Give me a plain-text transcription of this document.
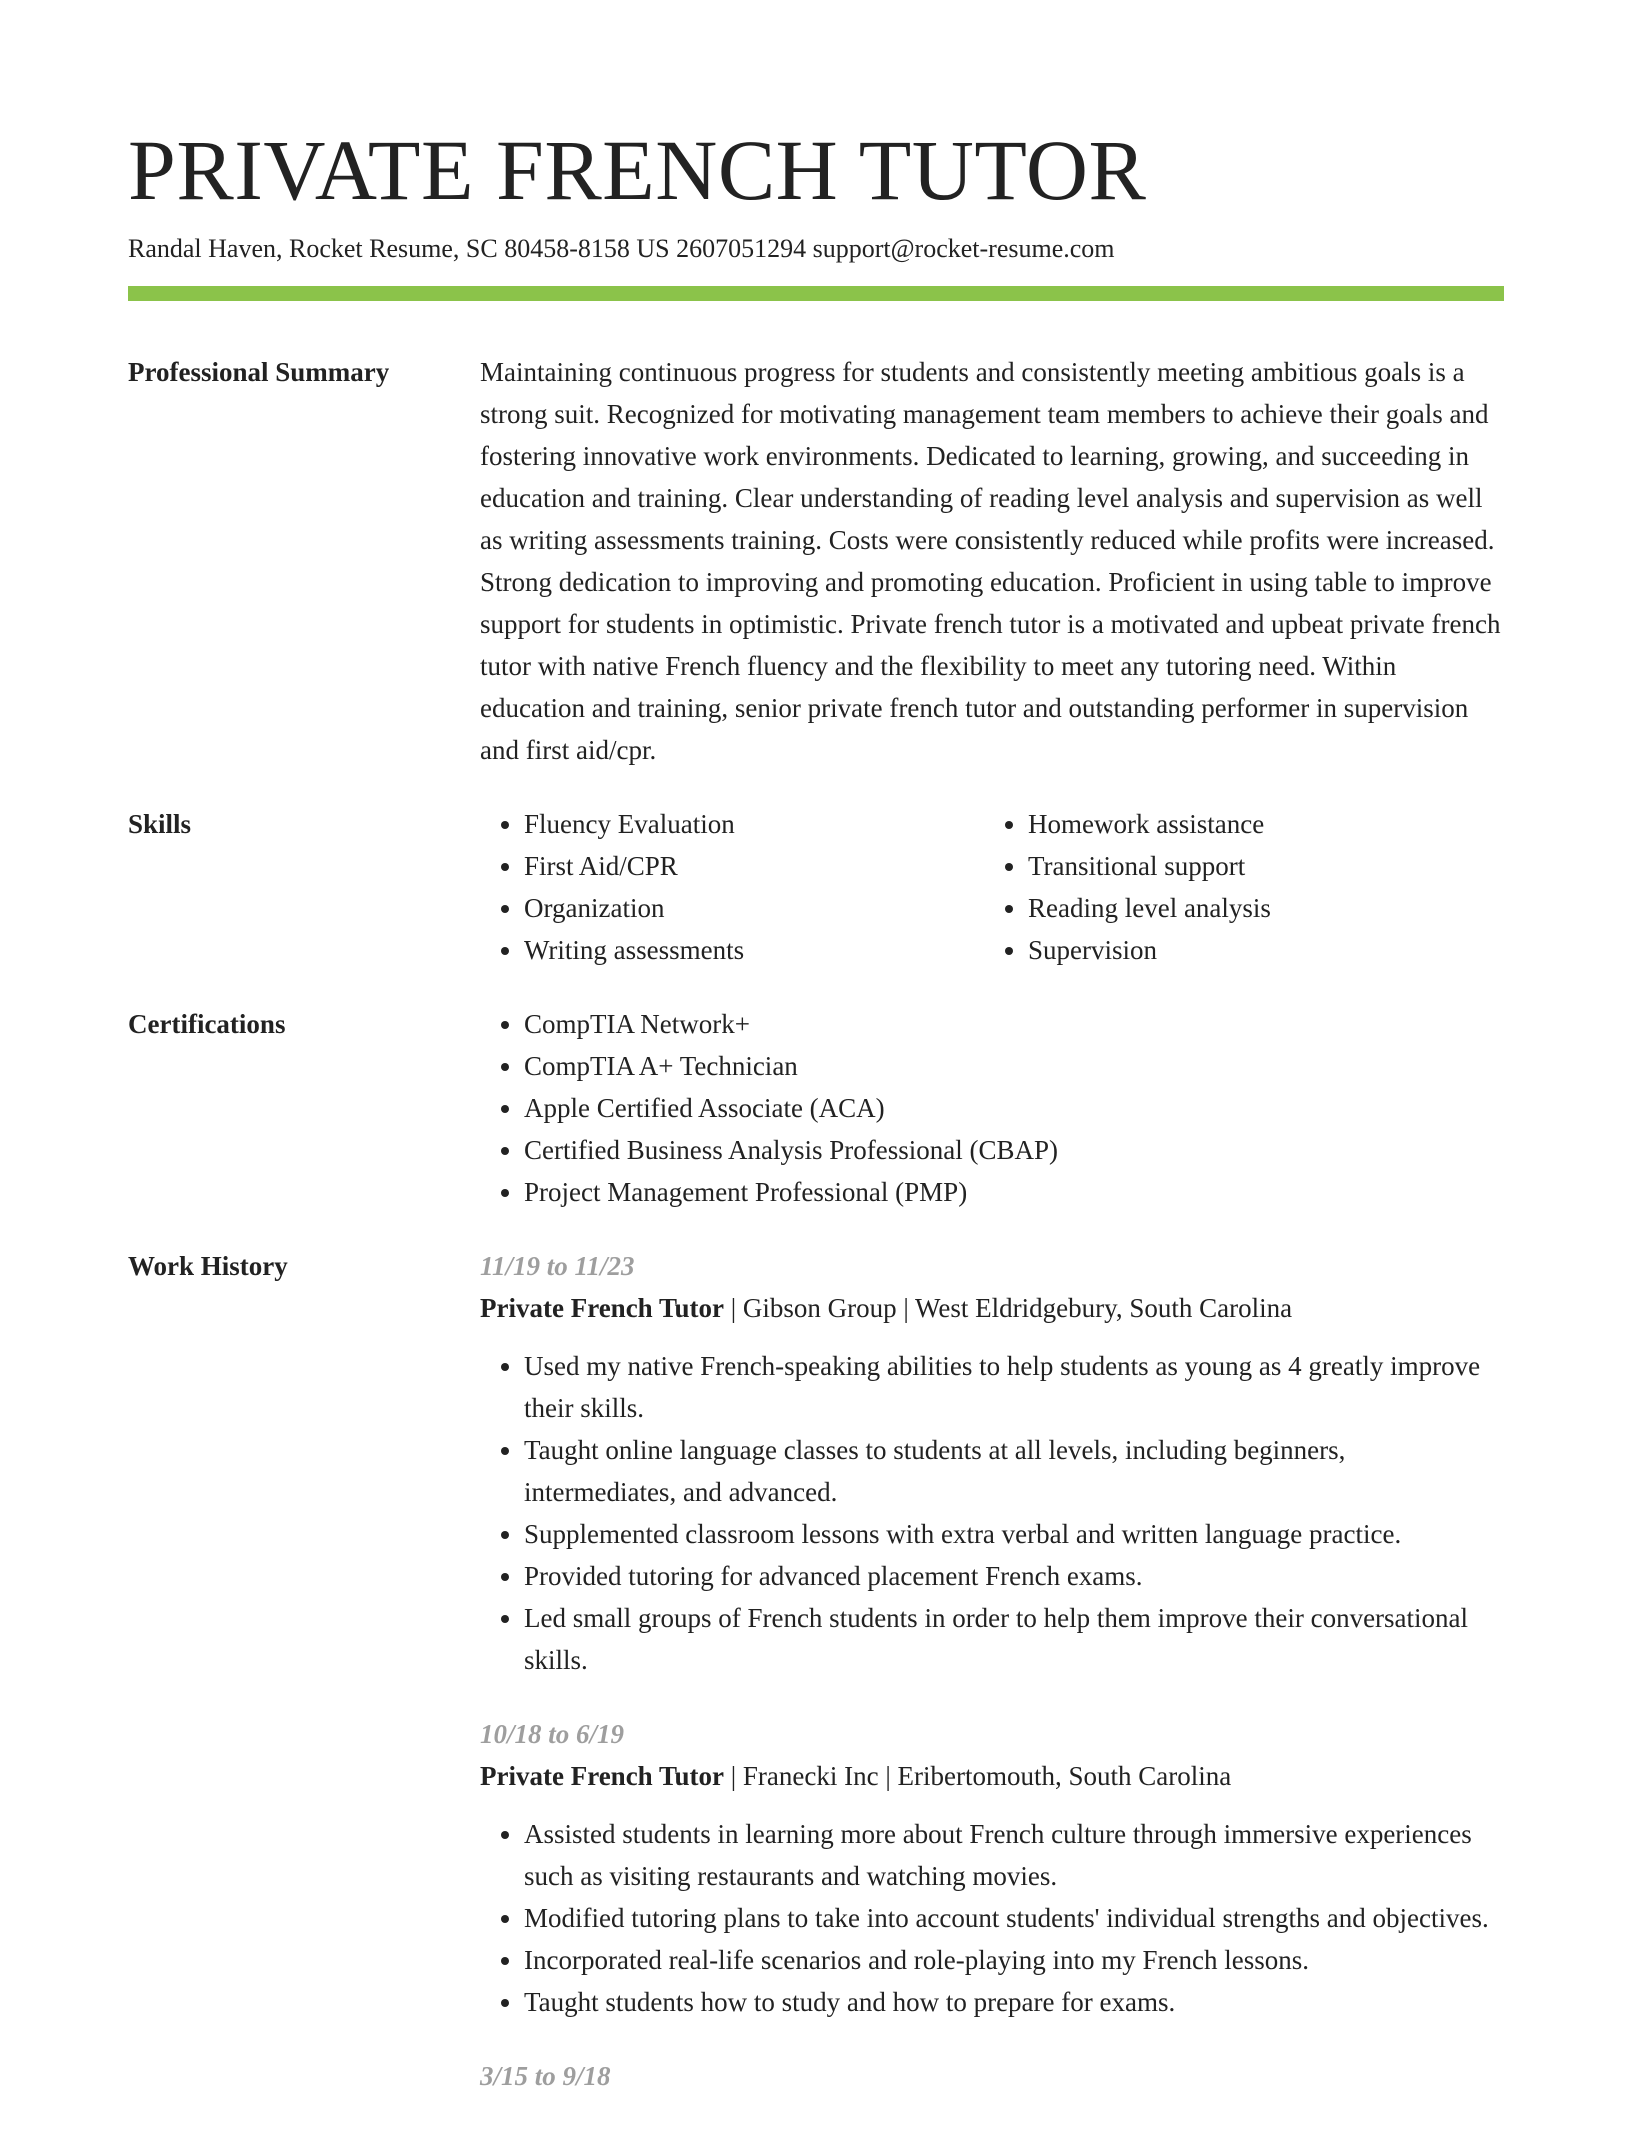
PRIVATE FRENCH TUTOR
Randal Haven, Rocket Resume, SC 80458-8158 US 2607051294 support@rocket-resume.com
Professional Summary	Maintaining continuous progress for students and consistently meeting ambitious goals is a strong suit. Recognized for motivating management team members to achieve their goals and fostering innovative work environments. Dedicated to learning, growing, and succeeding in education and training. Clear understanding of reading level analysis and supervision as well as writing assessments training. Costs were consistently reduced while profits were increased. Strong dedication to improving and promoting education. Proficient in using table to improve support for students in optimistic. Private french tutor is a motivated and upbeat private french tutor with native French fluency and the flexibility to meet any tutoring need. Within education and training, senior private french tutor and outstanding performer in supervision and first aid/cpr.

Skills	• Fluency Evaluation
• First Aid/CPR
• Organization
• Writing assessments
• Homework assistance
• Transitional support
• Reading level analysis
• Supervision
Certifications	• CompTIA Network+
• CompTIA A+ Technician
• Apple Certified Associate (ACA)
• Certified Business Analysis Professional (CBAP)
• Project Management Professional (PMP)
Work History	11/19 to 11/23
Private French Tutor | Gibson Group | West Eldridgebury, South Carolina
• Used my native French-speaking abilities to help students as young as 4 greatly improve their skills.
• Taught online language classes to students at all levels, including beginners, intermediates, and advanced.
• Supplemented classroom lessons with extra verbal and written language practice.
• Provided tutoring for advanced placement French exams.
• Led small groups of French students in order to help them improve their conversational skills.
10/18 to 6/19
Private French Tutor | Franecki Inc | Eribertomouth, South Carolina
• Assisted students in learning more about French culture through immersive experiences such as visiting restaurants and watching movies.
• Modified tutoring plans to take into account students' individual strengths and objectives.
• Incorporated real-life scenarios and role-playing into my French lessons.
• Taught students how to study and how to prepare for exams.
3/15 to 9/18
